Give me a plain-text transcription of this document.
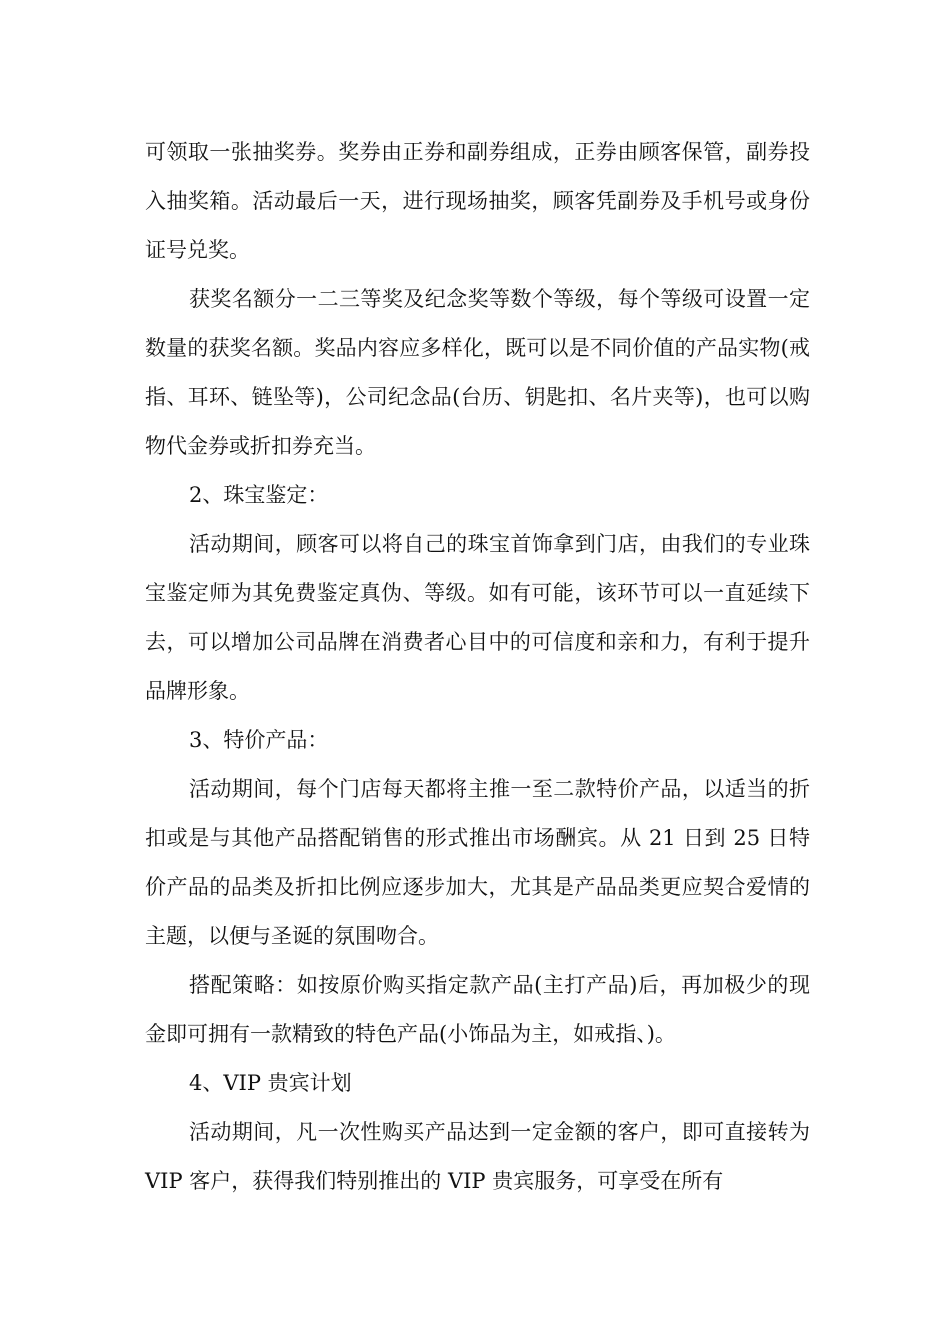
可领取一张抽奖券。奖券由正券和副券组成，正券由顾客保管，副券投入抽奖箱。活动最后一天，进行现场抽奖，顾客凭副券及手机号或身份证号兑奖。

获奖名额分一二三等奖及纪念奖等数个等级，每个等级可设置一定数量的获奖名额。奖品内容应多样化，既可以是不同价值的产品实物(戒指、耳环、链坠等)，公司纪念品(台历、钥匙扣、名片夹等)，也可以购物代金券或折扣券充当。

2、珠宝鉴定：

活动期间，顾客可以将自己的珠宝首饰拿到门店，由我们的专业珠宝鉴定师为其免费鉴定真伪、等级。如有可能，该环节可以一直延续下去，可以增加公司品牌在消费者心目中的可信度和亲和力，有利于提升品牌形象。

3、特价产品：

活动期间，每个门店每天都将主推一至二款特价产品，以适当的折扣或是与其他产品搭配销售的形式推出市场酬宾。从 21 日到 25 日特价产品的品类及折扣比例应逐步加大，尤其是产品品类更应契合爱情的主题，以便与圣诞的氛围吻合。

搭配策略：如按原价购买指定款产品(主打产品)后，再加极少的现金即可拥有一款精致的特色产品(小饰品为主，如戒指、)。

4、VIP 贵宾计划

活动期间，凡一次性购买产品达到一定金额的客户，即可直接转为 VIP 客户，获得我们特别推出的 VIP 贵宾服务，可享受在所有
